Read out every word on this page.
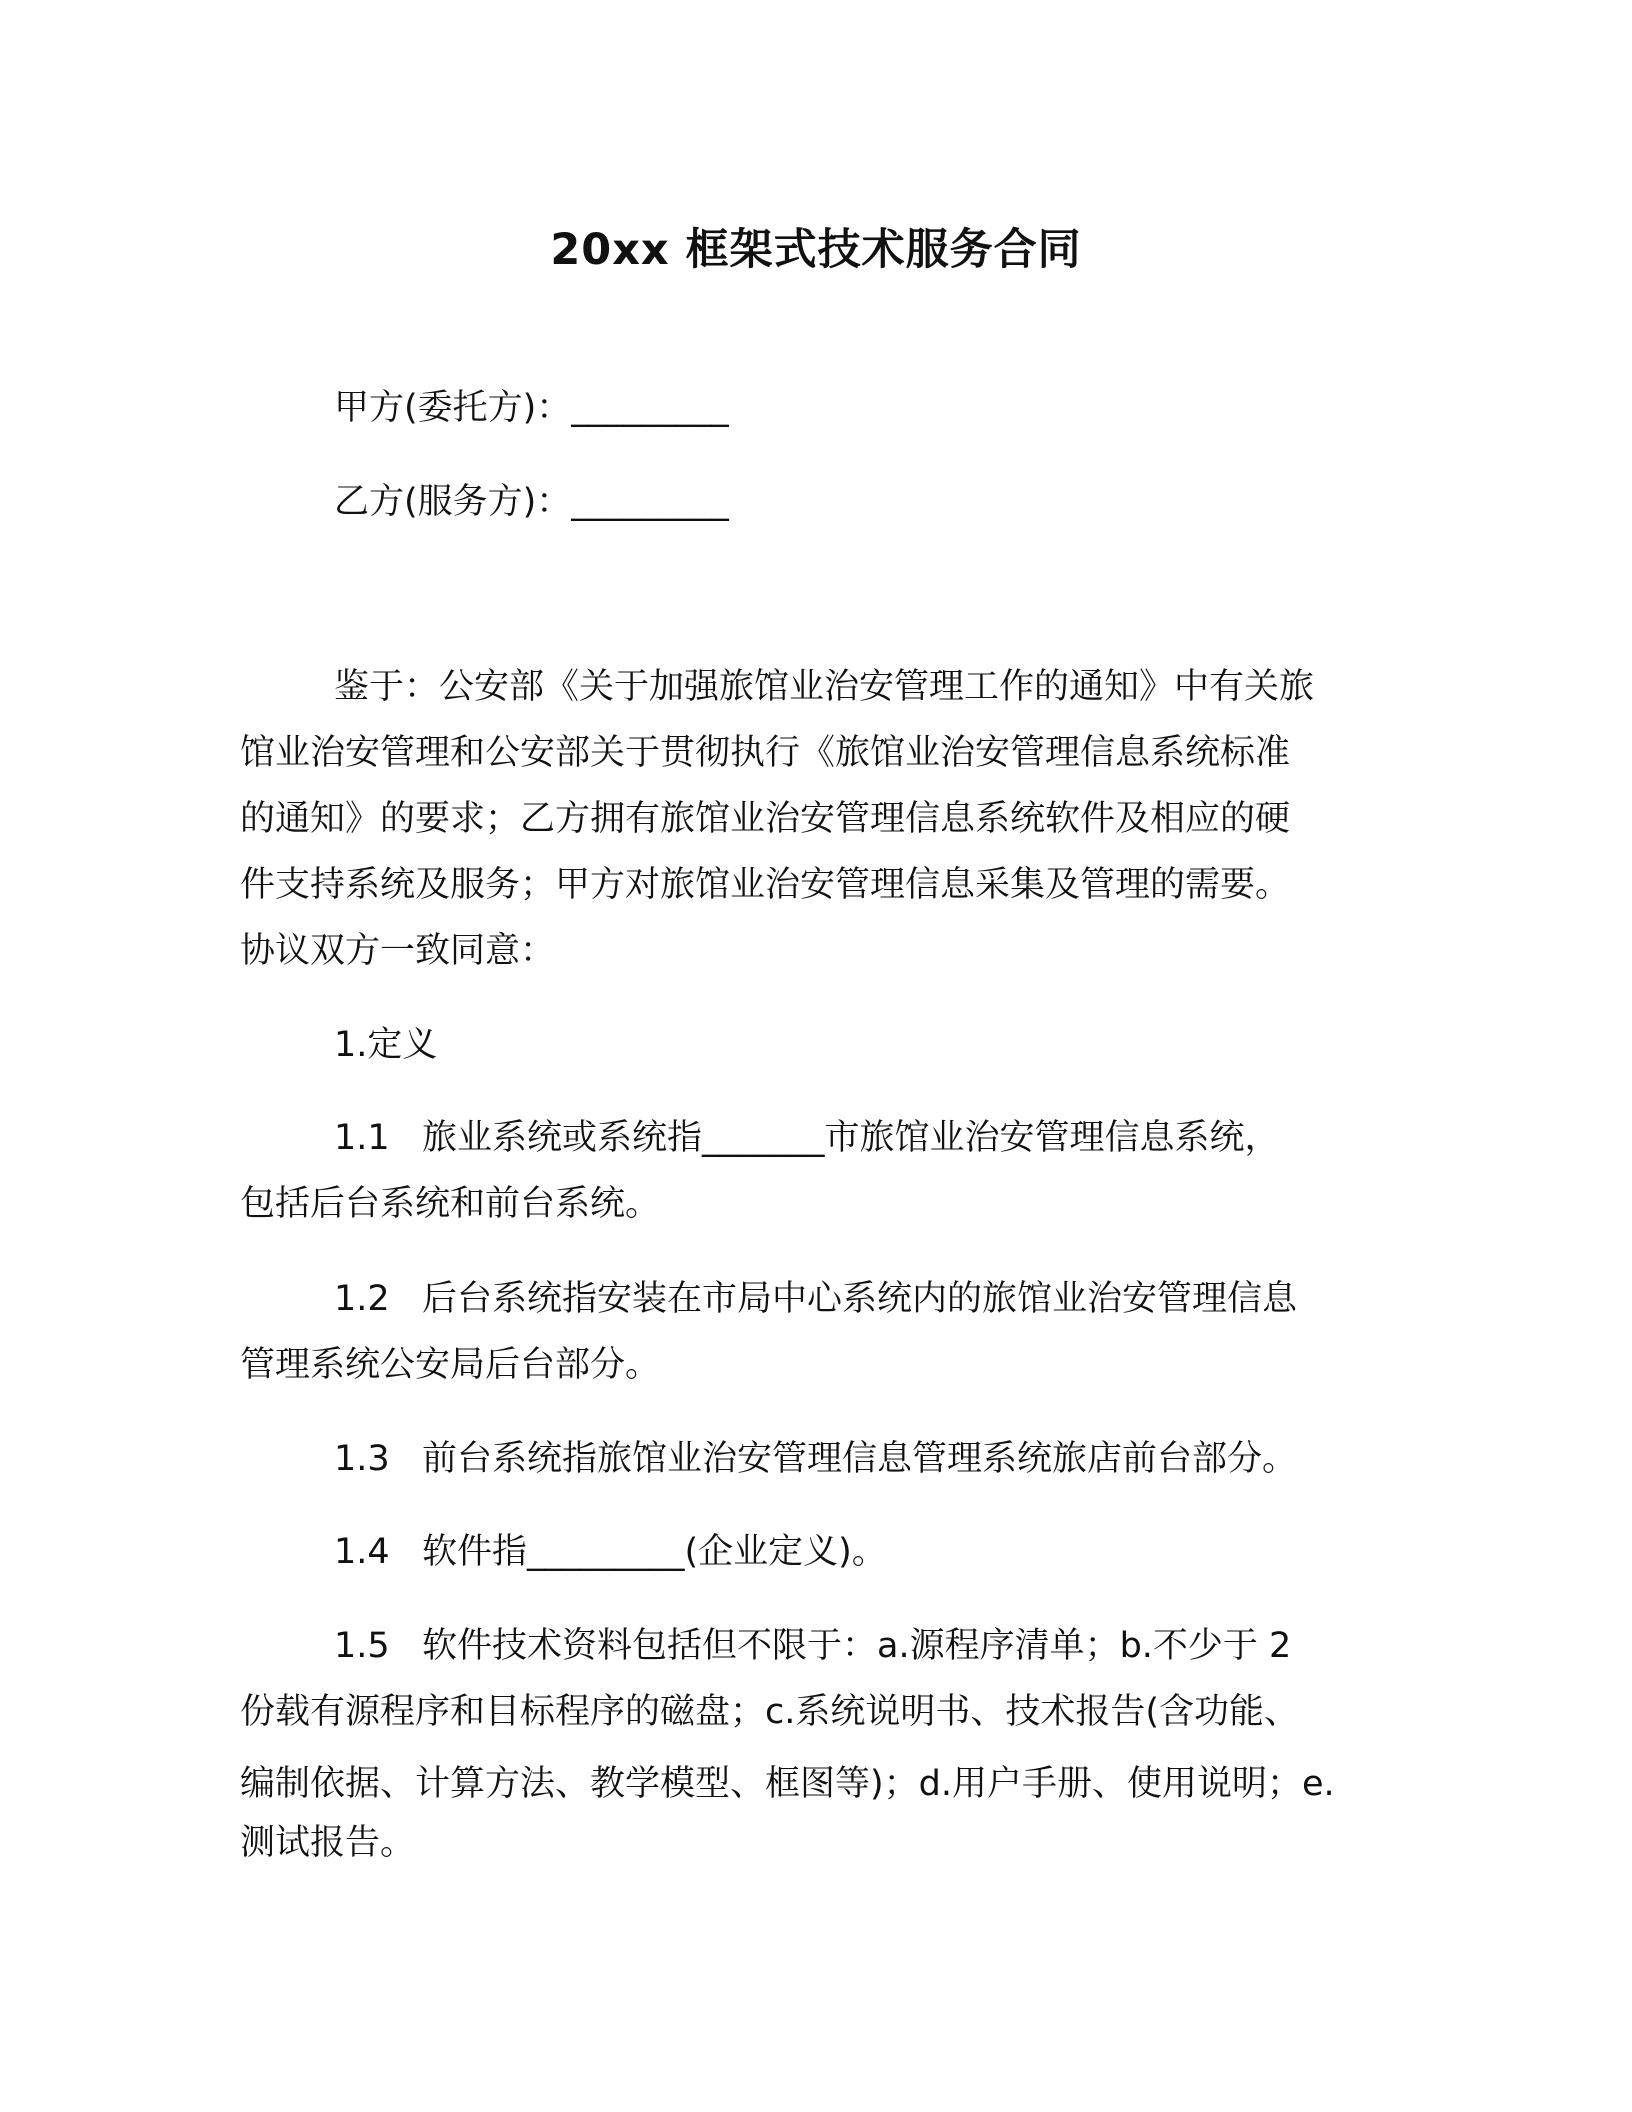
20xx 框架式技术服务合同
甲方(委托方)：_________
乙方(服务方)：_________
鉴于：公安部《关于加强旅馆业治安管理工作的通知》中有关旅
馆业治安管理和公安部关于贯彻执行《旅馆业治安管理信息系统标准
的通知》的要求；乙方拥有旅馆业治安管理信息系统软件及相应的硬
件支持系统及服务；甲方对旅馆业治安管理信息采集及管理的需要。
协议双方一致同意：
1.定义
1.1 旅业系统或系统指_______市旅馆业治安管理信息系统，
包括后台系统和前台系统。
1.2 后台系统指安装在市局中心系统内的旅馆业治安管理信息
管理系统公安局后台部分。
1.3 前台系统指旅馆业治安管理信息管理系统旅店前台部分。
1.4 软件指_________(企业定义)。
1.5 软件技术资料包括但不限于：a.源程序清单；b.不少于 2
份载有源程序和目标程序的磁盘；c.系统说明书、技术报告(含功能、
编制依据、计算方法、教学模型、框图等)；d.用户手册、使用说明；e.
测试报告。
